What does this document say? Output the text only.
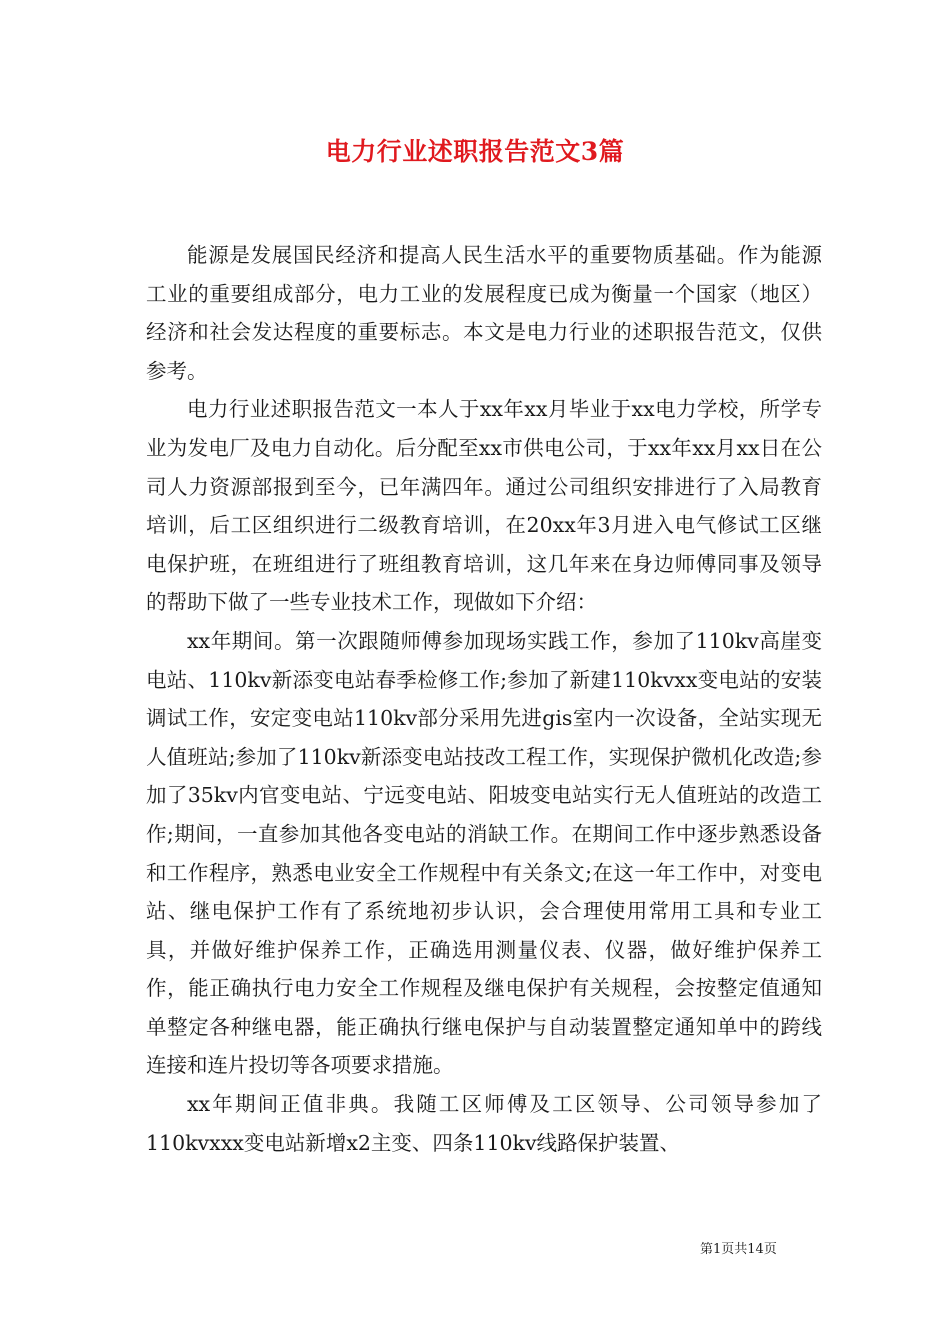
电力行业述职报告范文3篇

能源是发展国民经济和提高人民生活水平的重要物质基础。作为能源工业的重要组成部分，电力工业的发展程度已成为衡量一个国家（地区）经济和社会发达程度的重要标志。本文是电力行业的述职报告范文，仅供参考。

电力行业述职报告范文一本人于xx年xx月毕业于xx电力学校，所学专业为发电厂及电力自动化。后分配至xx市供电公司，于xx年xx月xx日在公司人力资源部报到至今，已年满四年。通过公司组织安排进行了入局教育培训，后工区组织进行二级教育培训，在20xx年3月进入电气修试工区继电保护班，在班组进行了班组教育培训，这几年来在身边师傅同事及领导的帮助下做了一些专业技术工作，现做如下介绍：

xx年期间。第一次跟随师傅参加现场实践工作，参加了110kv高崖变电站、110kv新添变电站春季检修工作;参加了新建110kvxx变电站的安装调试工作，安定变电站110kv部分采用先进gis室内一次设备，全站实现无人值班站;参加了110kv新添变电站技改工程工作，实现保护微机化改造;参加了35kv内官变电站、宁远变电站、阳坡变电站实行无人值班站的改造工作;期间，一直参加其他各变电站的消缺工作。在期间工作中逐步熟悉设备和工作程序，熟悉电业安全工作规程中有关条文;在这一年工作中，对变电站、继电保护工作有了系统地初步认识，会合理使用常用工具和专业工具，并做好维护保养工作，正确选用测量仪表、仪器，做好维护保养工作，能正确执行电力安全工作规程及继电保护有关规程，会按整定值通知单整定各种继电器，能正确执行继电保护与自动装置整定通知单中的跨线连接和连片投切等各项要求措施。

xx年期间正值非典。我随工区师傅及工区领导、公司领导参加了110kvxxx变电站新增x2主变、四条110kv线路保护装置、

第1页共14页
